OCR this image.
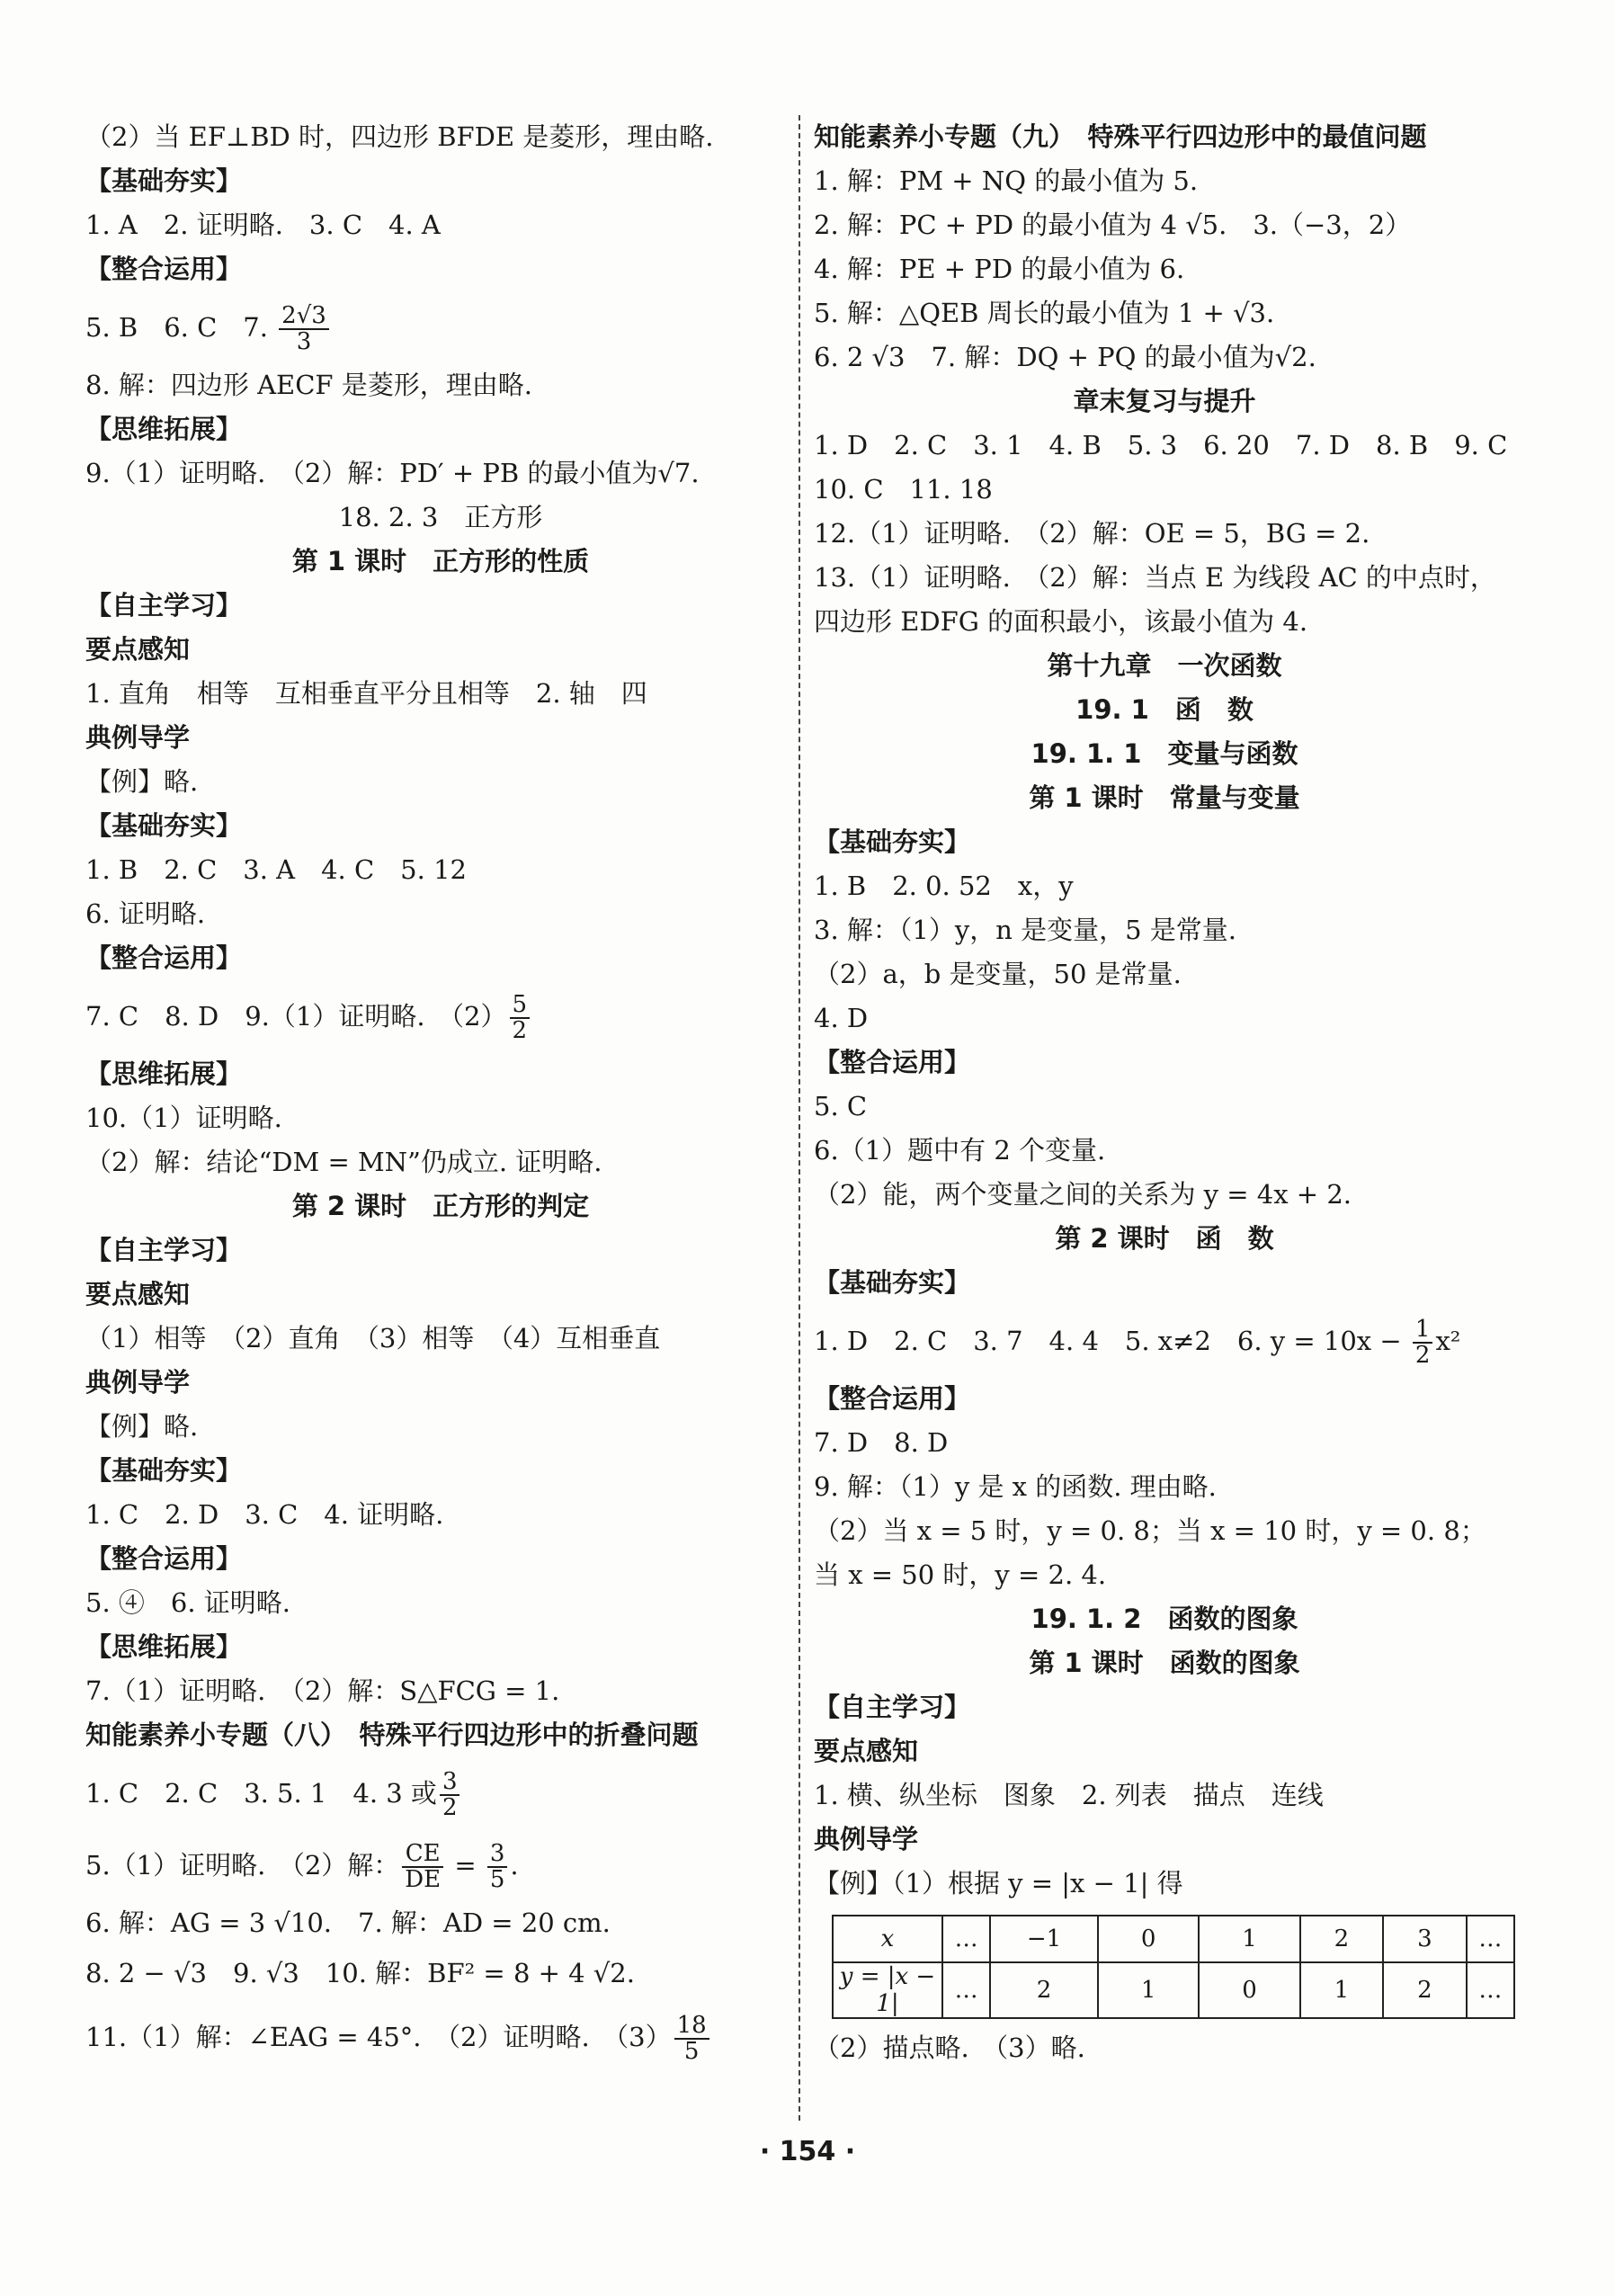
（2）当 EF⊥BD 时，四边形 BFDE 是菱形，理由略.
【基础夯实】
1. A　2. 证明略.　3. C　4. A
【整合运用】
5. B　6. C　7. $\frac{2√3}{3}$
8. 解：四边形 AECF 是菱形，理由略.
【思维拓展】
9.（1）证明略.　（2）解：PD′ + PB 的最小值为√7.
18. 2. 3　正方形
第 1 课时　正方形的性质
【自主学习】
要点感知
1. 直角　相等　互相垂直平分且相等　2. 轴　四
典例导学
【例】略.
【基础夯实】
1. B　2. C　3. A　4. C　5. 12
6. 证明略.
【整合运用】
7. C　8. D　9.（1）证明略.　$(2) \frac{5}{2}$
【思维拓展】
10.（1）证明略.
（2）解：结论“DM = MN”仍成立. 证明略.
第 2 课时　正方形的判定
【自主学习】
要点感知
（1）相等　（2）直角　（3）相等　（4）互相垂直
典例导学
【例】略.
【基础夯实】
1. C　2. D　3. C　4. 证明略.
【整合运用】
5. ④　6. 证明略.
【思维拓展】
7.（1）证明略.　（2）解：S△FCG = 1.
知能素养小专题（八）　特殊平行四边形中的折叠问题
1. C　2. C　3. 5. 1　4. 3 或 $\frac{3}{2}$
5.（1）证明略.　（2）解： $\frac{CE}{DE} = \frac{3}{5}$ .
6. 解：AG = 3 √10.　7. 解：AD = 20 cm.
8. 2 − √3　9. √3　10. 解：BF² = 8 + 4 √2.
11.（1）解：∠EAG = 45°.　（2）证明略.　$(3) \frac{18}{5}$
知能素养小专题（九）　特殊平行四边形中的最值问题
1. 解：PM + NQ 的最小值为 5.
2. 解：PC + PD 的最小值为 4 √5.　3.（−3，2）
4. 解：PE + PD 的最小值为 6.
5. 解：△QEB 周长的最小值为 1 + √3.
6. 2 √3　7. 解：DQ + PQ 的最小值为√2.
章末复习与提升
1. D　2. C　3. 1　4. B　5. 3　6. 20　7. D　8. B　9. C
10. C　11. 18
12.（1）证明略.　（2）解：OE = 5，BG = 2.
13.（1）证明略.　（2）解：当点 E 为线段 AC 的中点时，
四边形 EDFG 的面积最小，该最小值为 4.
第十九章　一次函数
19. 1　函　数
19. 1. 1　变量与函数
第 1 课时　常量与变量
【基础夯实】
1. B　2. 0. 52　x，y
3. 解：（1）y，n 是变量，5 是常量.
（2）a，b 是变量，50 是常量.
4. D
【整合运用】
5. C
6.（1）题中有 2 个变量.
（2）能，两个变量之间的关系为 y = 4x + 2.
第 2 课时　函　数
【基础夯实】
1. D　2. C　3. 7　4. 4　5. x≠2　6. $y = 10x - \frac{1}{2} x^2$
【整合运用】
7. D　8. D
9. 解：（1）y 是 x 的函数. 理由略.
（2）当 x = 5 时，y = 0. 8；当 x = 10 时，y = 0. 8；
当 x = 50 时，y = 2. 4.
19. 1. 2　函数的图象
第 1 课时　函数的图象
【自主学习】
要点感知
1. 横、纵坐标　图象　2. 列表　描点　连线
典例导学
【例】（1）根据 y = |x − 1| 得
x	…	−1	0	1	2	3	…
y = |x − 1|	…	2	1	0	1	2	…
（2）描点略.　（3）略.
· 154 ·
